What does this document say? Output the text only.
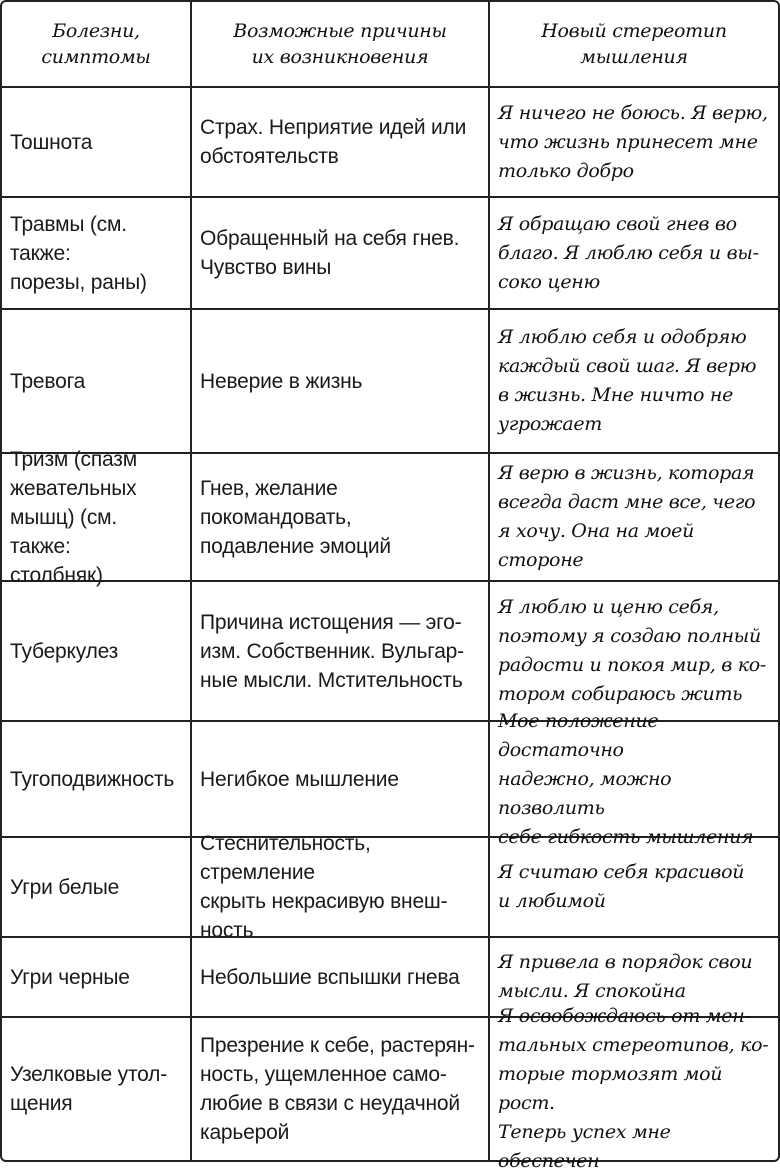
Болезни,
симптомы
Возможные причины
их возникновения
Новый стереотип
мышления
Тошнота
Страх. Неприятие идей или
обстоятельств
Я ничего не боюсь. Я верю,
что жизнь принесет мне
только добро
Травмы (см. также:
порезы, раны)
Обращенный на себя гнев.
Чувство вины
Я обращаю свой гнев во
благо. Я люблю себя и вы-
соко ценю
Тревога	Неверие в жизнь
Я люблю себя и одобряю
каждый свой шаг. Я верю
в жизнь. Мне ничто не
угрожает
Тризм (спазм
жевательных
мышц) (см. также:
столбняк)
Гнев, желание покомандовать,
подавление эмоций
Я верю в жизнь, которая
всегда даст мне все, чего
я хочу. Она на моей стороне
Туберкулез
Причина истощения — эго-
изм. Собственник. Вульгар-
ные мысли. Мстительность
Я люблю и ценю себя,
поэтому я создаю полный
радости и покоя мир, в ко-
тором собираюсь жить
Тугоподвижность Негибкое мышление
Мое положение достаточно
надежно, можно позволить
себе гибкость мышления
Угри белые
Стеснительность, стремление
скрыть некрасивую внеш-
ность
Я считаю себя красивой
и любимой
Угри черные	Небольшие вспышки гнева
Я привела в порядок свои
мысли. Я спокойна
Узелковые утол-
щения
Презрение к себе, растерян-
ность, ущемленное само-
любие в связи с неудачной
карьерой
Я освобождаюсь от мен-
тальных стереотипов, ко-
торые тормозят мой рост.
Теперь успех мне обеспечен
